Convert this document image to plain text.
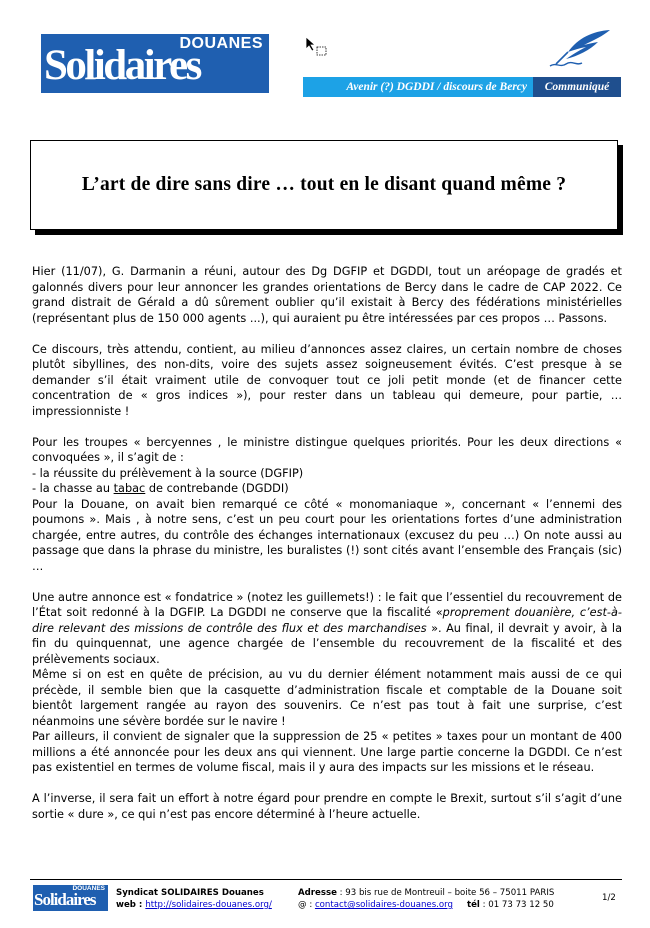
DOUANES
Solidaires	Avenir (?) DGDDI / discours de Bercy	Communiqué
L’art de dire sans dire … tout en le disant quand même ?

Hier (11/07), G. Darmanin a réuni, autour des Dg DGFIP et DGDDI, tout un aréopage de gradés et galonnés divers pour leur annoncer les grandes orientations de Bercy dans le cadre de CAP 2022. Ce grand distrait de Gérald a dû sûrement oublier qu’il existait à Bercy des fédérations ministérielles (représentant plus de 150 000 agents ...), qui auraient pu être intéressées par ces propos … Passons.

Ce discours, très attendu, contient, au milieu d’annonces assez claires, un certain nombre de choses plutôt sibyllines, des non-dits, voire des sujets assez soigneusement évités. C’est presque à se demander s’il était vraiment utile de convoquer tout ce joli petit monde (et de financer cette concentration de « gros indices »), pour rester dans un tableau qui demeure, pour partie, … impressionniste !

Pour les troupes « bercyennes , le ministre distingue quelques priorités. Pour les deux directions « convoquées », il s’agit de :

- la réussite du prélèvement à la source (DGFIP)

- la chasse au tabac de contrebande (DGDDI)

Pour la Douane, on avait bien remarqué ce côté « monomaniaque », concernant « l’ennemi des poumons ». Mais , à notre sens, c’est un peu court pour les orientations fortes d’une administration chargée, entre autres, du contrôle des échanges internationaux (excusez du peu …) On note aussi au passage que dans la phrase du ministre, les buralistes (!) sont cités avant l’ensemble des Français (sic) …

Une autre annonce est « fondatrice » (notez les guillemets!) : le fait que l’essentiel du recouvrement de l’État soit redonné à la DGFIP. La DGDDI ne conserve que la fiscalité «proprement douanière, c’est-à-dire relevant des missions de contrôle des flux et des marchandises ». Au final, il devrait y avoir, à la fin du quinquennat, une agence chargée de l’ensemble du recouvrement de la fiscalité et des prélèvements sociaux.

Même si on est en quête de précision, au vu du dernier élément notamment mais aussi de ce qui précède, il semble bien que la casquette d’administration fiscale et comptable de la Douane soit bientôt largement rangée au rayon des souvenirs. Ce n’est pas tout à fait une surprise, c’est néanmoins une sévère bordée sur le navire !

Par ailleurs, il convient de signaler que la suppression de 25 « petites » taxes pour un montant de 400 millions a été annoncée pour les deux ans qui viennent. Une large partie concerne la DGDDI. Ce n’est pas existentiel en termes de volume fiscal, mais il y aura des impacts sur les missions et le réseau.

A l’inverse, il sera fait un effort à notre égard pour prendre en compte le Brexit, surtout s’il s’agit d’une sortie « dure », ce qui n’est pas encore déterminé à l’heure actuelle.

DOUANES
Solidaires Syndicat SOLIDAIRES Douanes
web : http://solidaires-douanes.org/
Adresse : 93 bis rue de Montreuil – boite 56 – 75011 PARIS
@ : contact@solidaires-douanes.org tél : 01 73 73 12 50
1/2
